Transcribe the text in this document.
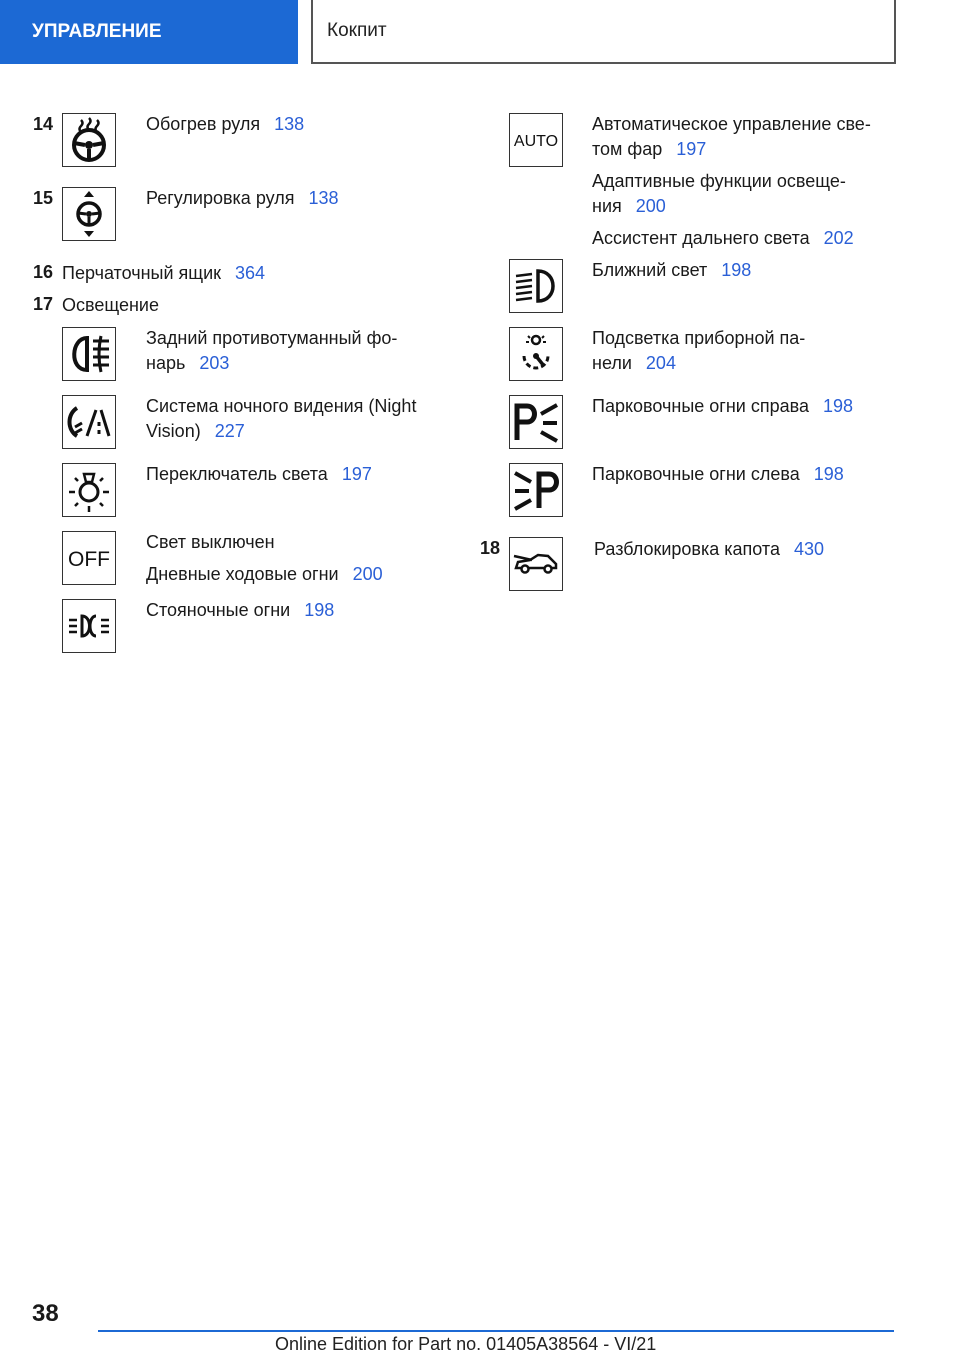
УПРАВЛЕНИЕ	Кокпит
14	Обогрев руля 138
15	Регулировка руля 138
16 Перчаточный ящик 364
17 Освещение
Задний противотуманный фо-
нарь 203
Система ночного видения (Night
Vision) 227
Переключатель света 197
OFF
Свет выключен
Дневные ходовые огни 200
Стояночные огни 198
AUTO
Автоматическое управление све-
том фар 197
Адаптивные функции освеще-
ния 200
Ассистент дальнего света 202
Ближний свет 198
Подсветка приборной па-
нели 204
Парковочные огни справа 198
Парковочные огни слева 198
18	Разблокировка капота 430
38
Online Edition for Part no. 01405A38564 - VI/21
